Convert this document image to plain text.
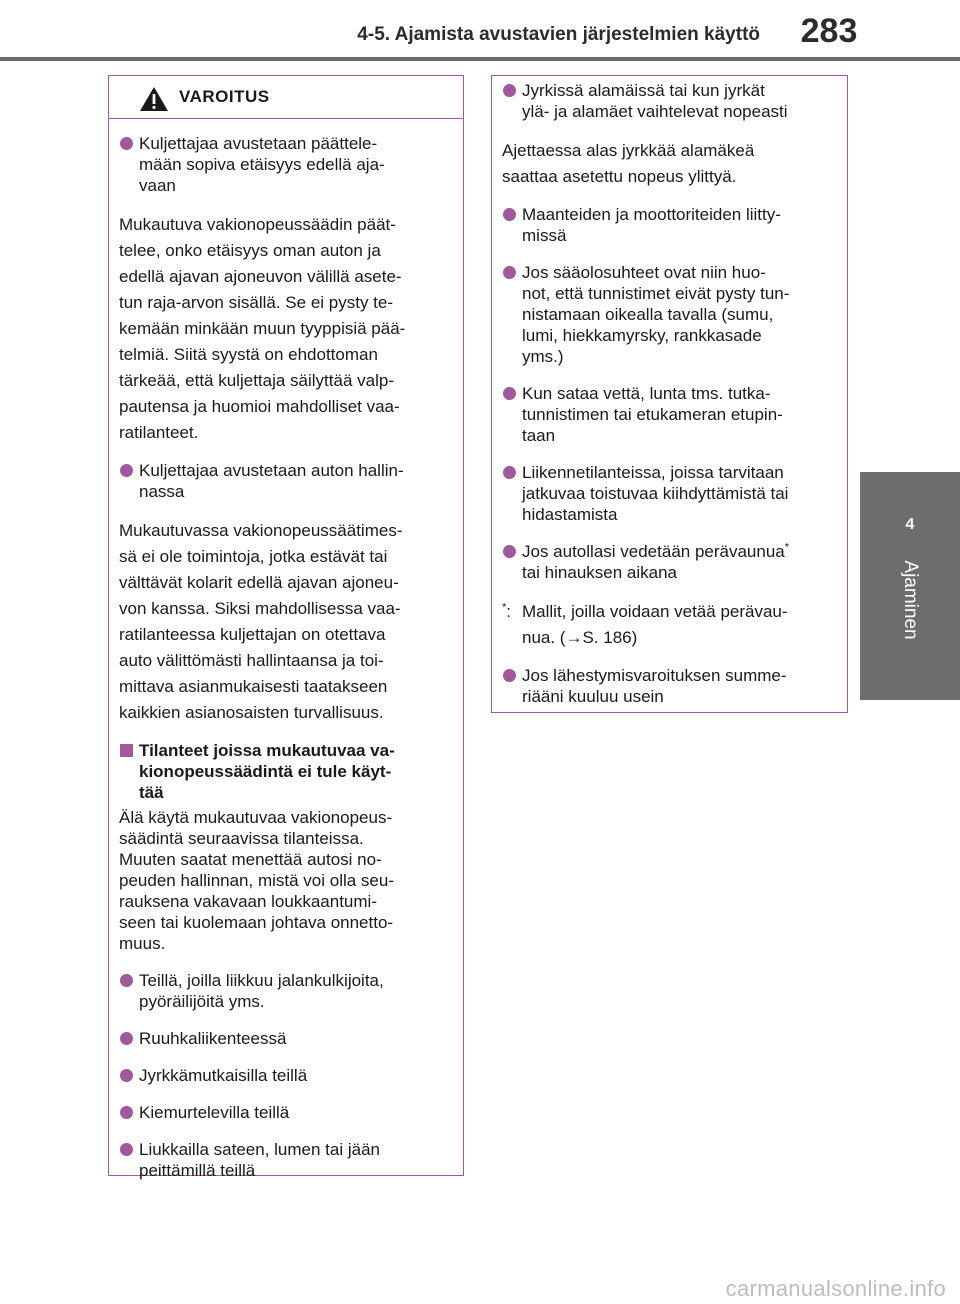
4-5. Ajamista avustavien järjestelmien käyttö	283
4
Ajaminen
VAROITUS
Kuljettajaa avustetaan päättele-
mään sopiva etäisyys edellä aja-
vaan
Mukautuva vakionopeussäädin päät-
telee, onko etäisyys oman auton ja
edellä ajavan ajoneuvon välillä asete-
tun raja-arvon sisällä. Se ei pysty te-
kemään minkään muun tyyppisiä pää-
telmiä. Siitä syystä on ehdottoman
tärkeää, että kuljettaja säilyttää valp-
pautensa ja huomioi mahdolliset vaa-
ratilanteet.
Kuljettajaa avustetaan auton hallin-
nassa
Mukautuvassa vakionopeussäätimes-
sä ei ole toimintoja, jotka estävät tai
välttävät kolarit edellä ajavan ajoneu-
von kanssa. Siksi mahdollisessa vaa-
ratilanteessa kuljettajan on otettava
auto välittömästi hallintaansa ja toi-
mittava asianmukaisesti taatakseen
kaikkien asianosaisten turvallisuus.
Tilanteet joissa mukautuvaa va-
kionopeussäädintä ei tule käyt-
tää
Älä käytä mukautuvaa vakionopeus-
säädintä seuraavissa tilanteissa.
Muuten saatat menettää autosi no-
peuden hallinnan, mistä voi olla seu-
rauksena vakavaan loukkaantumi-
seen tai kuolemaan johtava onnetto-
muus.
Teillä, joilla liikkuu jalankulkijoita,
pyöräilijöitä yms.
Ruuhkaliikenteessä
Jyrkkämutkaisilla teillä
Kiemurtelevilla teillä
Liukkailla sateen, lumen tai jään
peittämillä teillä
Jyrkissä alamäissä tai kun jyrkät
ylä- ja alamäet vaihtelevat nopeasti
Ajettaessa alas jyrkkää alamäkeä
saattaa asetettu nopeus ylittyä.
Maanteiden ja moottoriteiden liitty-
missä
Jos sääolosuhteet ovat niin huo-
not, että tunnistimet eivät pysty tun-
nistamaan oikealla tavalla (sumu,
lumi, hiekkamyrsky, rankkasade
yms.)
Kun sataa vettä, lunta tms. tutka-
tunnistimen tai etukameran etupin-
taan
Liikennetilanteissa, joissa tarvitaan
jatkuvaa toistuvaa kiihdyttämistä tai
hidastamista
Jos autollasi vedetään perävaunua*
tai hinauksen aikana
*: Mallit, joilla voidaan vetää perävau-
nua. (→S. 186)
Jos lähestymisvaroituksen summe-
riääni kuuluu usein
carmanualsonline.info
